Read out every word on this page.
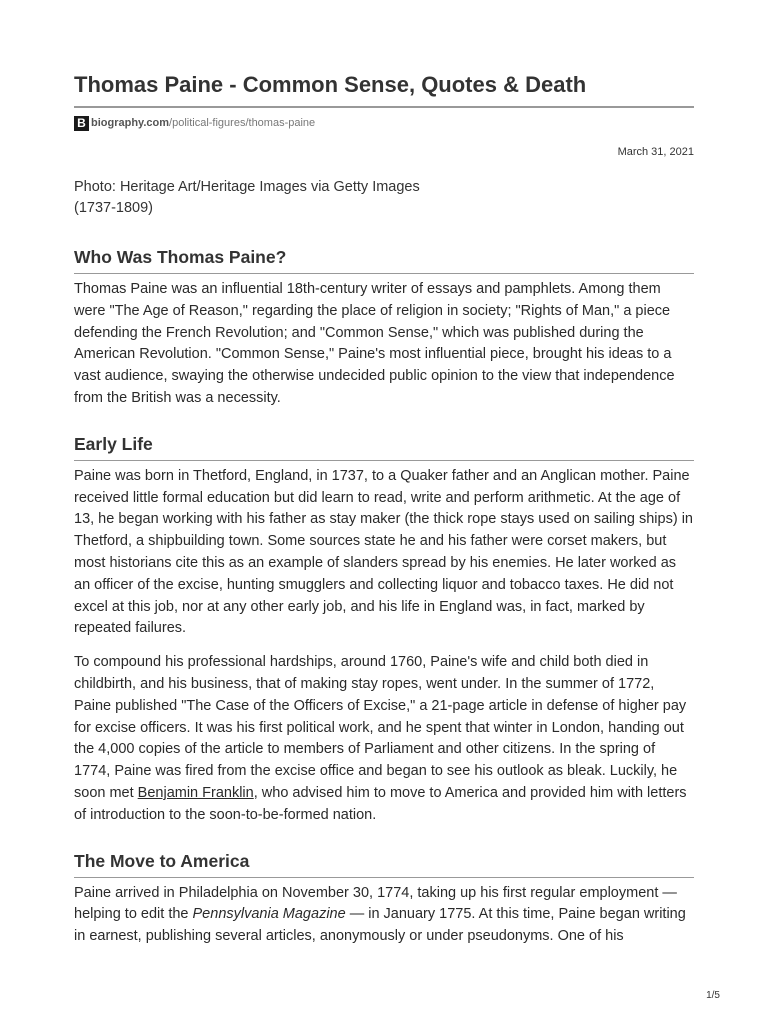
Thomas Paine - Common Sense, Quotes & Death
B biography.com /political-figures/thomas-paine
March 31, 2021
Photo: Heritage Art/Heritage Images via Getty Images
(1737-1809)
Who Was Thomas Paine?

Thomas Paine was an influential 18th-century writer of essays and pamphlets. Among them were "The Age of Reason," regarding the place of religion in society; "Rights of Man," a piece defending the French Revolution; and "Common Sense," which was published during the American Revolution. "Common Sense," Paine's most influential piece, brought his ideas to a vast audience, swaying the otherwise undecided public opinion to the view that independence from the British was a necessity.

Early Life

Paine was born in Thetford, England, in 1737, to a Quaker father and an Anglican mother. Paine received little formal education but did learn to read, write and perform arithmetic. At the age of 13, he began working with his father as stay maker (the thick rope stays used on sailing ships) in Thetford, a shipbuilding town. Some sources state he and his father were corset makers, but most historians cite this as an example of slanders spread by his enemies. He later worked as an officer of the excise, hunting smugglers and collecting liquor and tobacco taxes. He did not excel at this job, nor at any other early job, and his life in England was, in fact, marked by repeated failures.

To compound his professional hardships, around 1760, Paine's wife and child both died in childbirth, and his business, that of making stay ropes, went under. In the summer of 1772, Paine published "The Case of the Officers of Excise," a 21-page article in defense of higher pay for excise officers. It was his first political work, and he spent that winter in London, handing out the 4,000 copies of the article to members of Parliament and other citizens. In the spring of 1774, Paine was fired from the excise office and began to see his outlook as bleak. Luckily, he soon met Benjamin Franklin, who advised him to move to America and provided him with letters of introduction to the soon-to-be-formed nation.

The Move to America

Paine arrived in Philadelphia on November 30, 1774, taking up his first regular employment — helping to edit the Pennsylvania Magazine — in January 1775. At this time, Paine began writing in earnest, publishing several articles, anonymously or under pseudonyms. One of his

1/5
